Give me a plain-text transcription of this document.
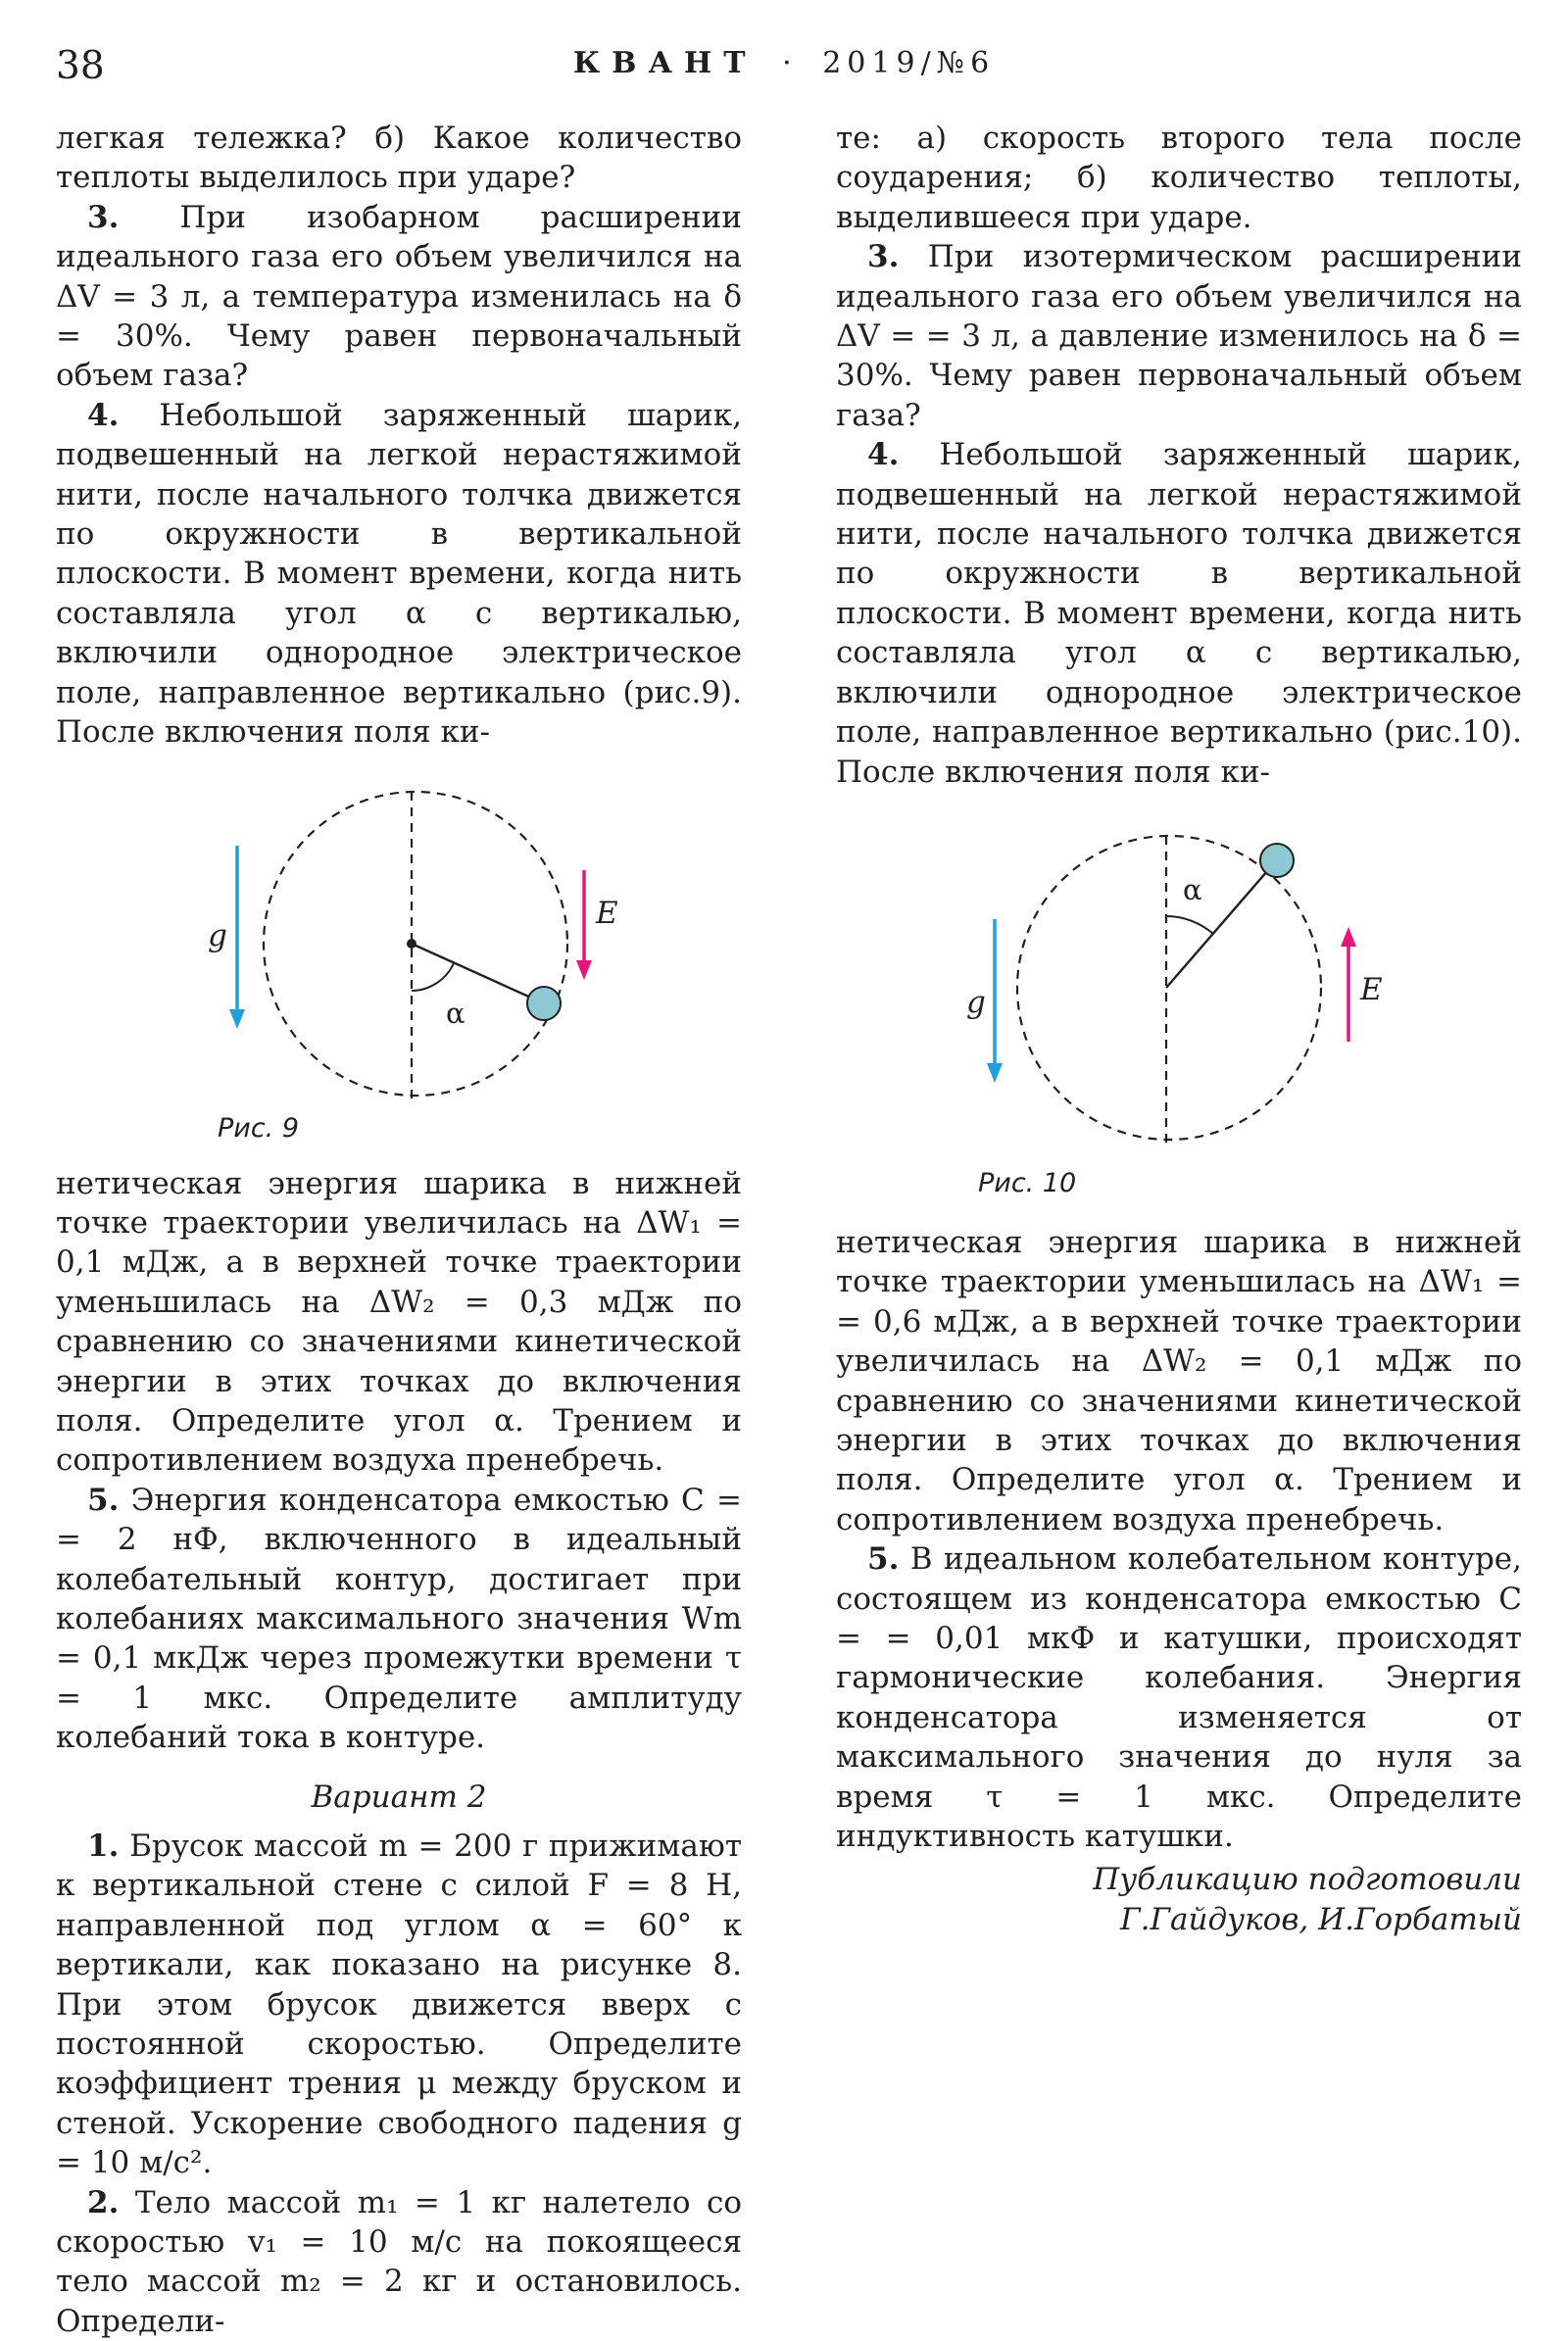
38	КВАНТ · 2019/№6

легкая тележка? б) Какое количество теплоты выделилось при ударе?

3. При изобарном расширении идеального газа его объем увеличился на ΔV = 3 л, а температура изменилась на δ = 30%. Чему равен первоначальный объем газа?

4. Небольшой заряженный шарик, подвешенный на легкой нерастяжимой нити, после начального толчка движется по окружности в вертикальной плоскости. В момент времени, когда нить составляла угол α с вертикалью, включили однородное электрическое поле, направленное вертикально (рис.9). После включения поля ки-

g
E
α
Рис. 9

нетическая энергия шарика в нижней точке траектории увеличилась на ΔW₁ = 0,1 мДж, а в верхней точке траектории уменьшилась на ΔW₂ = 0,3 мДж по сравнению со значениями кинетической энергии в этих точках до включения поля. Определите угол α. Трением и сопротивлением воздуха пренебречь.

5. Энергия конденсатора емкостью C = = 2 нФ, включенного в идеальный колебательный контур, достигает при колебаниях максимального значения Wm = 0,1 мкДж через промежутки времени τ = 1 мкс. Определите амплитуду колебаний тока в контуре.

Вариант 2

1. Брусок массой m = 200 г прижимают к вертикальной стене с силой F = 8 Н, направленной под углом α = 60° к вертикали, как показано на рисунке 8. При этом брусок движется вверх с постоянной скоростью. Определите коэффициент трения μ между бруском и стеной. Ускорение свободного падения g = 10 м/с².

2. Тело массой m₁ = 1 кг налетело со скоростью v₁ = 10 м/с на покоящееся тело массой m₂ = 2 кг и остановилось. Определи-

те: а) скорость второго тела после соударения; б) количество теплоты, выделившееся при ударе.

3. При изотермическом расширении идеального газа его объем увеличился на ΔV = = 3 л, а давление изменилось на δ = 30%. Чему равен первоначальный объем газа?

4. Небольшой заряженный шарик, подвешенный на легкой нерастяжимой нити, после начального толчка движется по окружности в вертикальной плоскости. В момент времени, когда нить составляла угол α с вертикалью, включили однородное электрическое поле, направленное вертикально (рис.10). После включения поля ки-

g	E
α
Рис. 10

нетическая энергия шарика в нижней точке траектории уменьшилась на ΔW₁ = = 0,6 мДж, а в верхней точке траектории увеличилась на ΔW₂ = 0,1 мДж по сравнению со значениями кинетической энергии в этих точках до включения поля. Определите угол α. Трением и сопротивлением воздуха пренебречь.

5. В идеальном колебательном контуре, состоящем из конденсатора емкостью C = = 0,01 мкФ и катушки, происходят гармонические колебания. Энергия конденсатора изменяется от максимального значения до нуля за время τ = 1 мкс. Определите индуктивность катушки.

Публикацию подготовили
Г.Гайдуков, И.Горбатый
